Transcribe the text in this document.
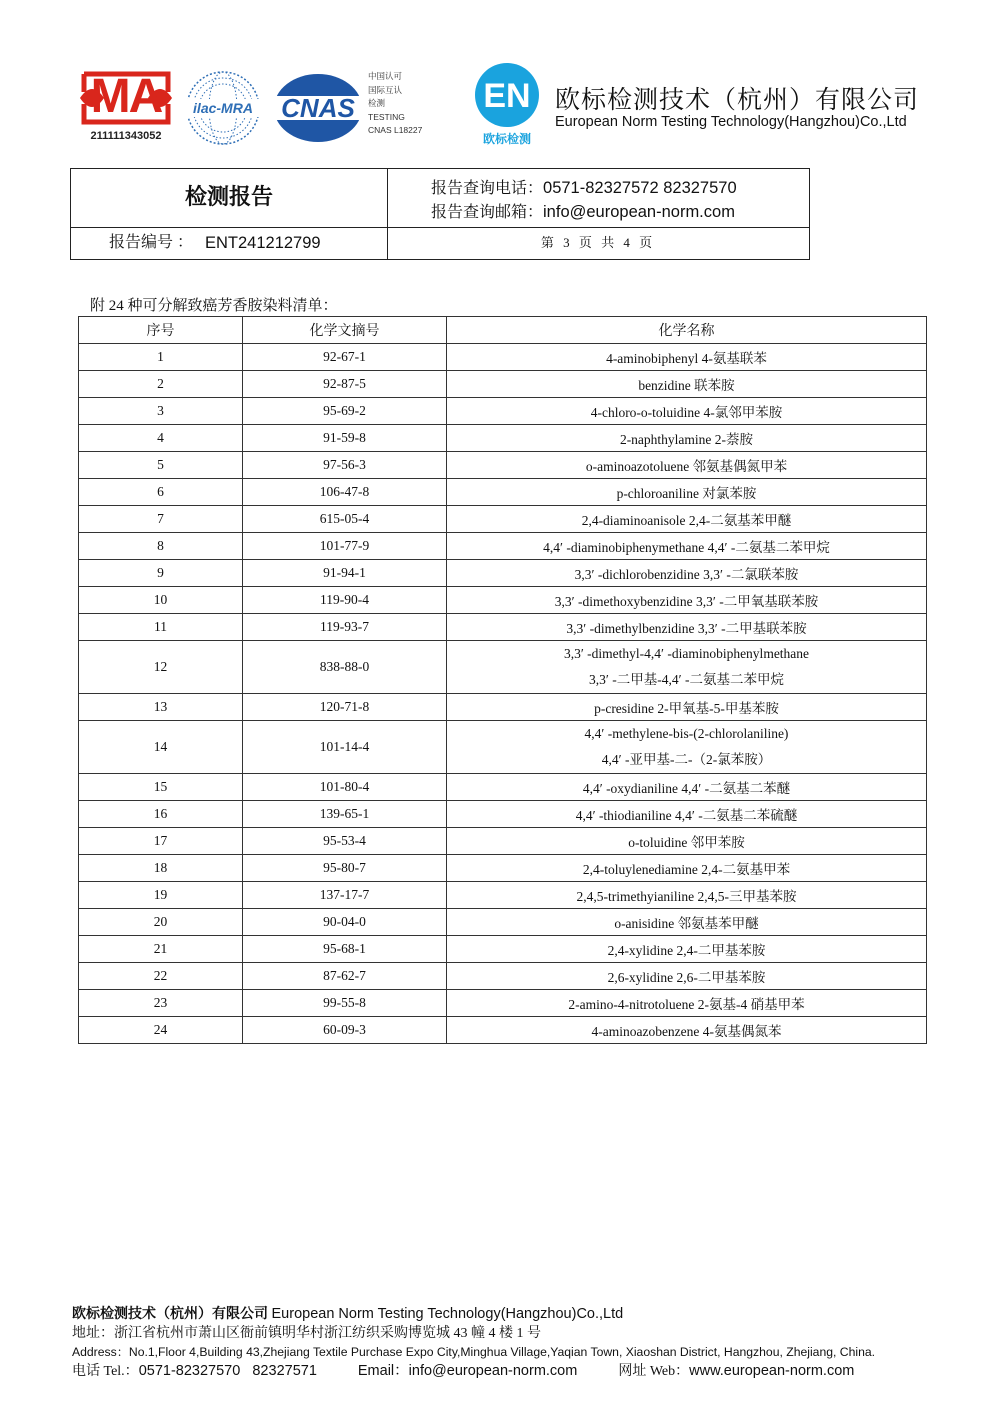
MA
211111343052
ilac-MRA CNAS
中国认可
国际互认
检测
TESTING
CNAS L18227
EN
欧标检测
欧标检测技术（杭州）有限公司
European Norm Testing Technology(Hangzhou)Co.,Ltd
检测报告	报告查询电话：0571-82327572 82327570
报告查询邮箱：info@european-norm.com
报告编号 ： ENT241212799	第 3 页 共 4 页
附 24 种可分解致癌芳香胺染料清单：
序号	化学文摘号	化学名称
1	92-67-1	4-aminobiphenyl 4-氨基联苯

2	92-87-5	benzidine 联苯胺

3	95-69-2	4-chloro-o-toluidine 4-氯邻甲苯胺

4	91-59-8	2-naphthylamine 2-萘胺

5	97-56-3	o-aminoazotoluene 邻氨基偶氮甲苯

6	106-47-8	p-chloroaniline 对氯苯胺

7	615-05-4	2,4-diaminoanisole 2,4-二氨基苯甲醚

8	101-77-9	4,4′ -diaminobiphenymethane 4,4′ -二氨基二苯甲烷

9	91-94-1	3,3′ -dichlorobenzidine 3,3′ -二氯联苯胺

10	119-90-4	3,3′ -dimethoxybenzidine 3,3′ -二甲氧基联苯胺

11	119-93-7	3,3′ -dimethylbenzidine 3,3′ -二甲基联苯胺

12	838-88-0	3,3′ -dimethyl-4,4′ -diaminobiphenylmethane
3,3′ -二甲基-4,4′ -二氨基二苯甲烷

13	120-71-8	p-cresidine 2-甲氧基-5-甲基苯胺

14	101-14-4	4,4′ -methylene-bis-(2-chlorolaniline)
4,4′ -亚甲基-二-（2-氯苯胺）

15	101-80-4	4,4′ -oxydianiline 4,4′ -二氨基二苯醚

16	139-65-1	4,4′ -thiodianiline 4,4′ -二氨基二苯硫醚

17	95-53-4	o-toluidine 邻甲苯胺

18	95-80-7	2,4-toluylenediamine 2,4-二氨基甲苯

19	137-17-7	2,4,5-trimethyianiline 2,4,5-三甲基苯胺

20	90-04-0	o-anisidine 邻氨基苯甲醚

21	95-68-1	2,4-xylidine 2,4-二甲基苯胺

22	87-62-7	2,6-xylidine 2,6-二甲基苯胺

23	99-55-8	2-amino-4-nitrotoluene 2-氨基-4 硝基甲苯

24	60-09-3	4-aminoazobenzene 4-氨基偶氮苯
欧标检测技术（杭州）有限公司 European Norm Testing Technology(Hangzhou)Co.,Ltd
地址：浙江省杭州市萧山区衙前镇明华村浙江纺织采购博览城 43 幢 4 楼 1 号
Address：No.1,Floor 4,Building 43,Zhejiang Textile Purchase Expo City,Minghua Village,Yaqian Town, Xiaoshan District, Hangzhou, Zhejiang, China.
电话 Tel.：0571-82327570   82327571	Email：info@european-norm.com	网址 Web：www.european-norm.com
